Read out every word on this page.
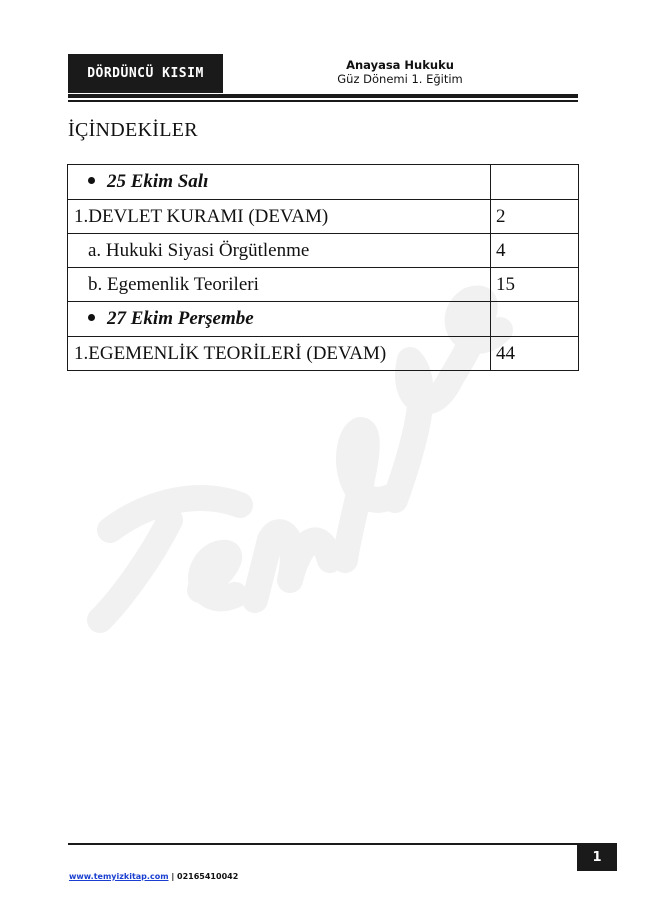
DÖRDÜNCÜ KISIM
Anayasa Hukuku
Güz Dönemi 1. Eğitim
İÇİNDEKİLER
25 Ekim Salı	
1.DEVLET KURAMI (DEVAM)	2
a. Hukuki Siyasi Örgütlenme	4
b. Egemenlik Teorileri	15
27 Ekim Perşembe	
1.EGEMENLİK TEORİLERİ (DEVAM)	44
1
www.temyizkitap.com | 02165410042
